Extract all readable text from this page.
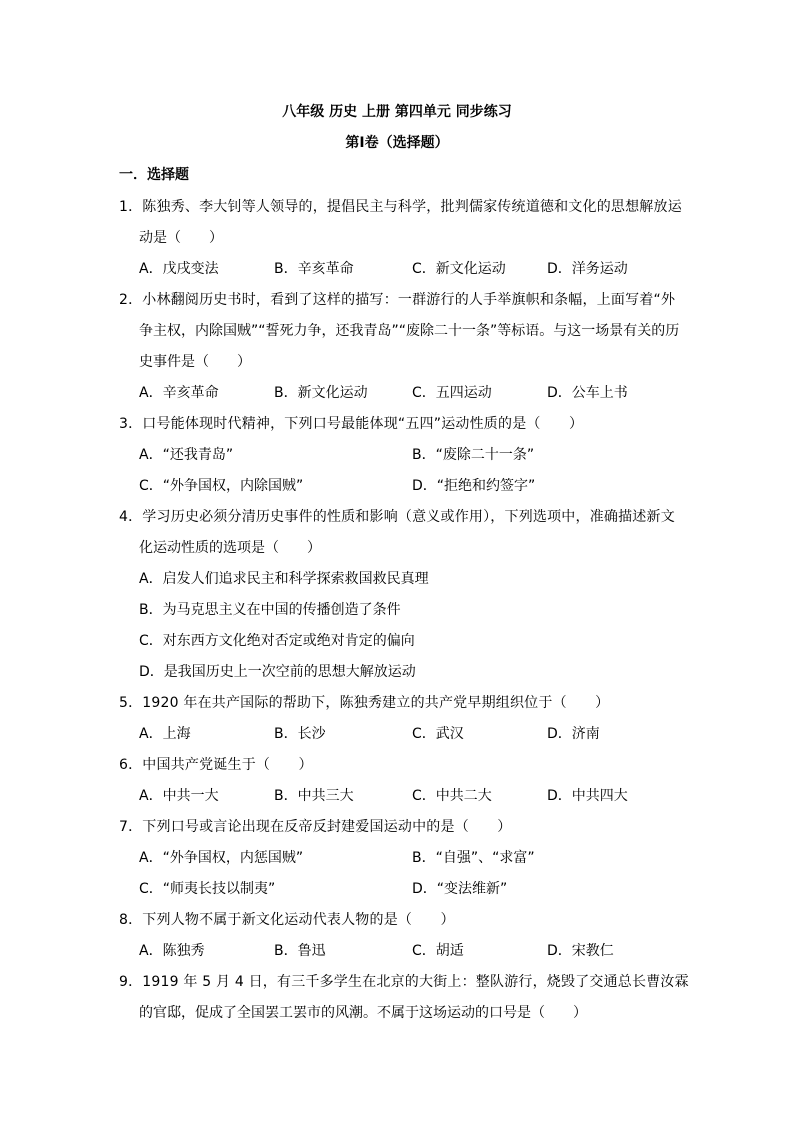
八年级 历史 上册 第四单元 同步练习
第Ⅰ卷（选择题）
一．选择题
1．陈独秀、李大钊等人领导的，提倡民主与科学，批判儒家传统道德和文化的思想解放运
动是（　　）
A．戊戌变法	B．辛亥革命	C．新文化运动	D．洋务运动
2．小林翻阅历史书时，看到了这样的描写：一群游行的人手举旗帜和条幅，上面写着“外
争主权，内除国贼”“誓死力争，还我青岛”“废除二十一条”等标语。与这一场景有关的历
史事件是（　　）
A．辛亥革命	B．新文化运动	C．五四运动	D．公车上书
3．口号能体现时代精神，下列口号最能体现“五四”运动性质的是（　　）
A．“还我青岛”	B．“废除二十一条”
C．“外争国权，内除国贼”	D．“拒绝和约签字”
4．学习历史必须分清历史事件的性质和影响（意义或作用），下列选项中，准确描述新文
化运动性质的选项是（　　）
A．启发人们追求民主和科学探索救国救民真理
B．为马克思主义在中国的传播创造了条件
C．对东西方文化绝对否定或绝对肯定的偏向
D．是我国历史上一次空前的思想大解放运动
5．1920 年在共产国际的帮助下，陈独秀建立的共产党早期组织位于（　　）
A．上海	B．长沙	C．武汉	D．济南
6．中国共产党诞生于（　　）
A．中共一大	B．中共三大	C．中共二大	D．中共四大
7．下列口号或言论出现在反帝反封建爱国运动中的是（　　）
A．“外争国权，内惩国贼”	B．“自强”、“求富”
C．“师夷长技以制夷”	D．“变法维新”
8．下列人物不属于新文化运动代表人物的是（　　）
A．陈独秀	B．鲁迅	C．胡适	D．宋教仁
9．1919 年 5 月 4 日，有三千多学生在北京的大街上：整队游行，烧毁了交通总长曹汝霖
的官邸，促成了全国罢工罢市的风潮。不属于这场运动的口号是（　　）
